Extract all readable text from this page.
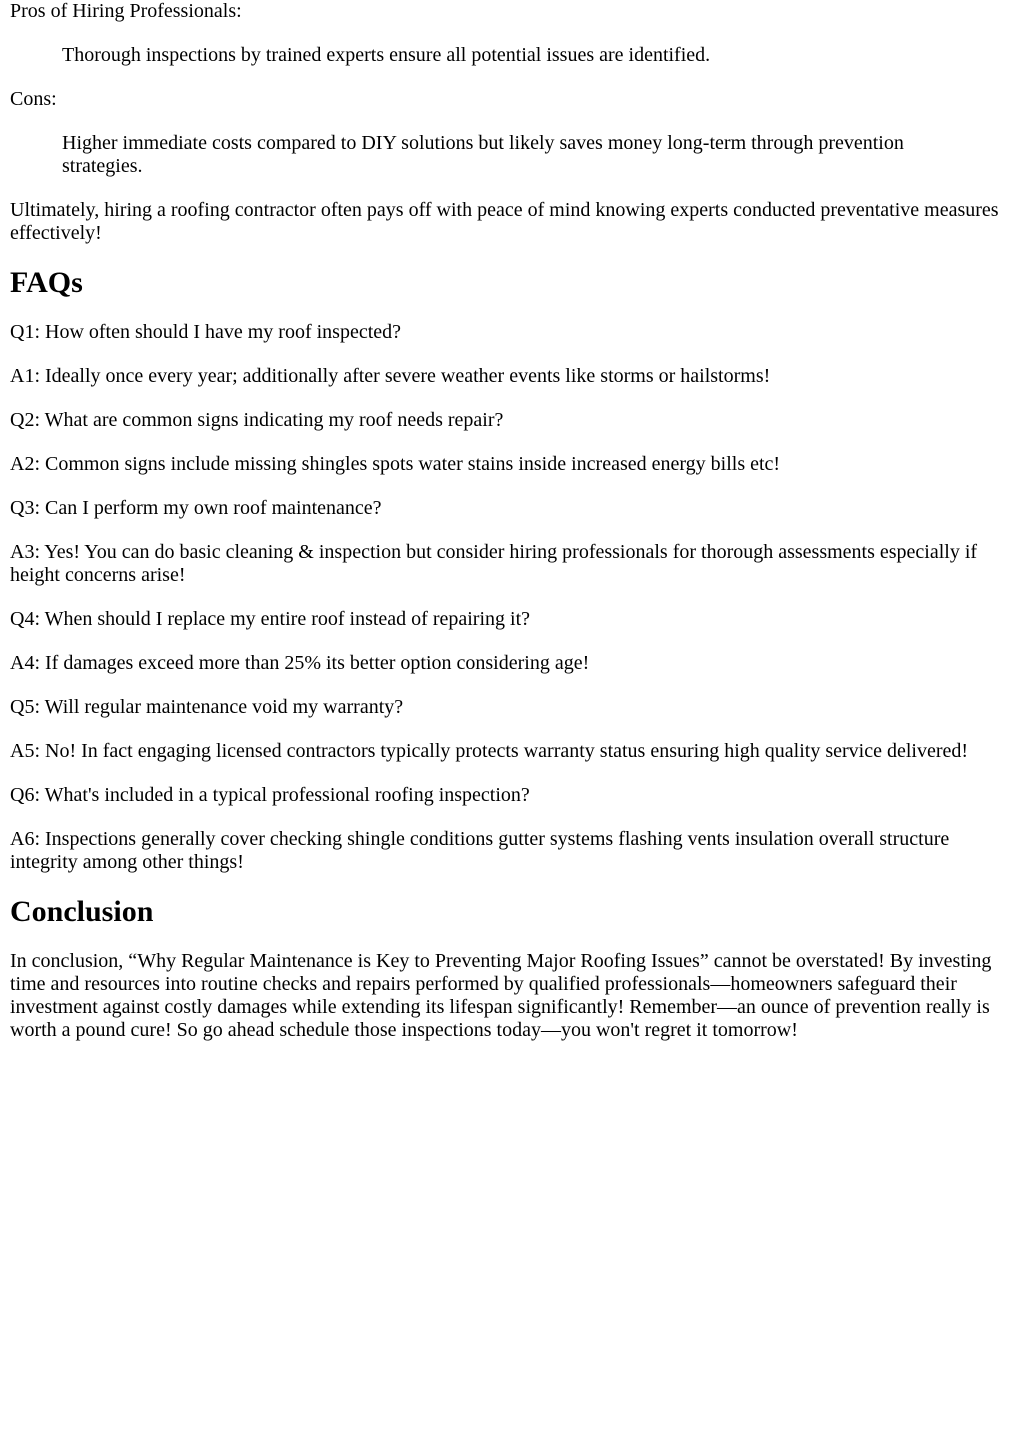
Pros of Hiring Professionals:

Thorough inspections by trained experts ensure all potential issues are identified.

Cons:

Higher immediate costs compared to DIY solutions but likely saves money long-term through prevention strategies.

Ultimately, hiring a roofing contractor often pays off with peace of mind knowing experts conducted preventative measures effectively!

FAQs

Q1: How often should I have my roof inspected?

A1: Ideally once every year; additionally after severe weather events like storms or hailstorms!

Q2: What are common signs indicating my roof needs repair?

A2: Common signs include missing shingles spots water stains inside increased energy bills etc!

Q3: Can I perform my own roof maintenance?

A3: Yes! You can do basic cleaning & inspection but consider hiring professionals for thorough assessments especially if height concerns arise!

Q4: When should I replace my entire roof instead of repairing it?

A4: If damages exceed more than 25% its better option considering age!

Q5: Will regular maintenance void my warranty?

A5: No! In fact engaging licensed contractors typically protects warranty status ensuring high quality service delivered!

Q6: What's included in a typical professional roofing inspection?

A6: Inspections generally cover checking shingle conditions gutter systems flashing vents insulation overall structure integrity among other things!

Conclusion

In conclusion, “Why Regular Maintenance is Key to Preventing Major Roofing Issues” cannot be overstated! By investing time and resources into routine checks and repairs performed by qualified professionals—homeowners safeguard their investment against costly damages while extending its lifespan significantly! Remember—an ounce of prevention really is worth a pound cure! So go ahead schedule those inspections today—you won't regret it tomorrow!
